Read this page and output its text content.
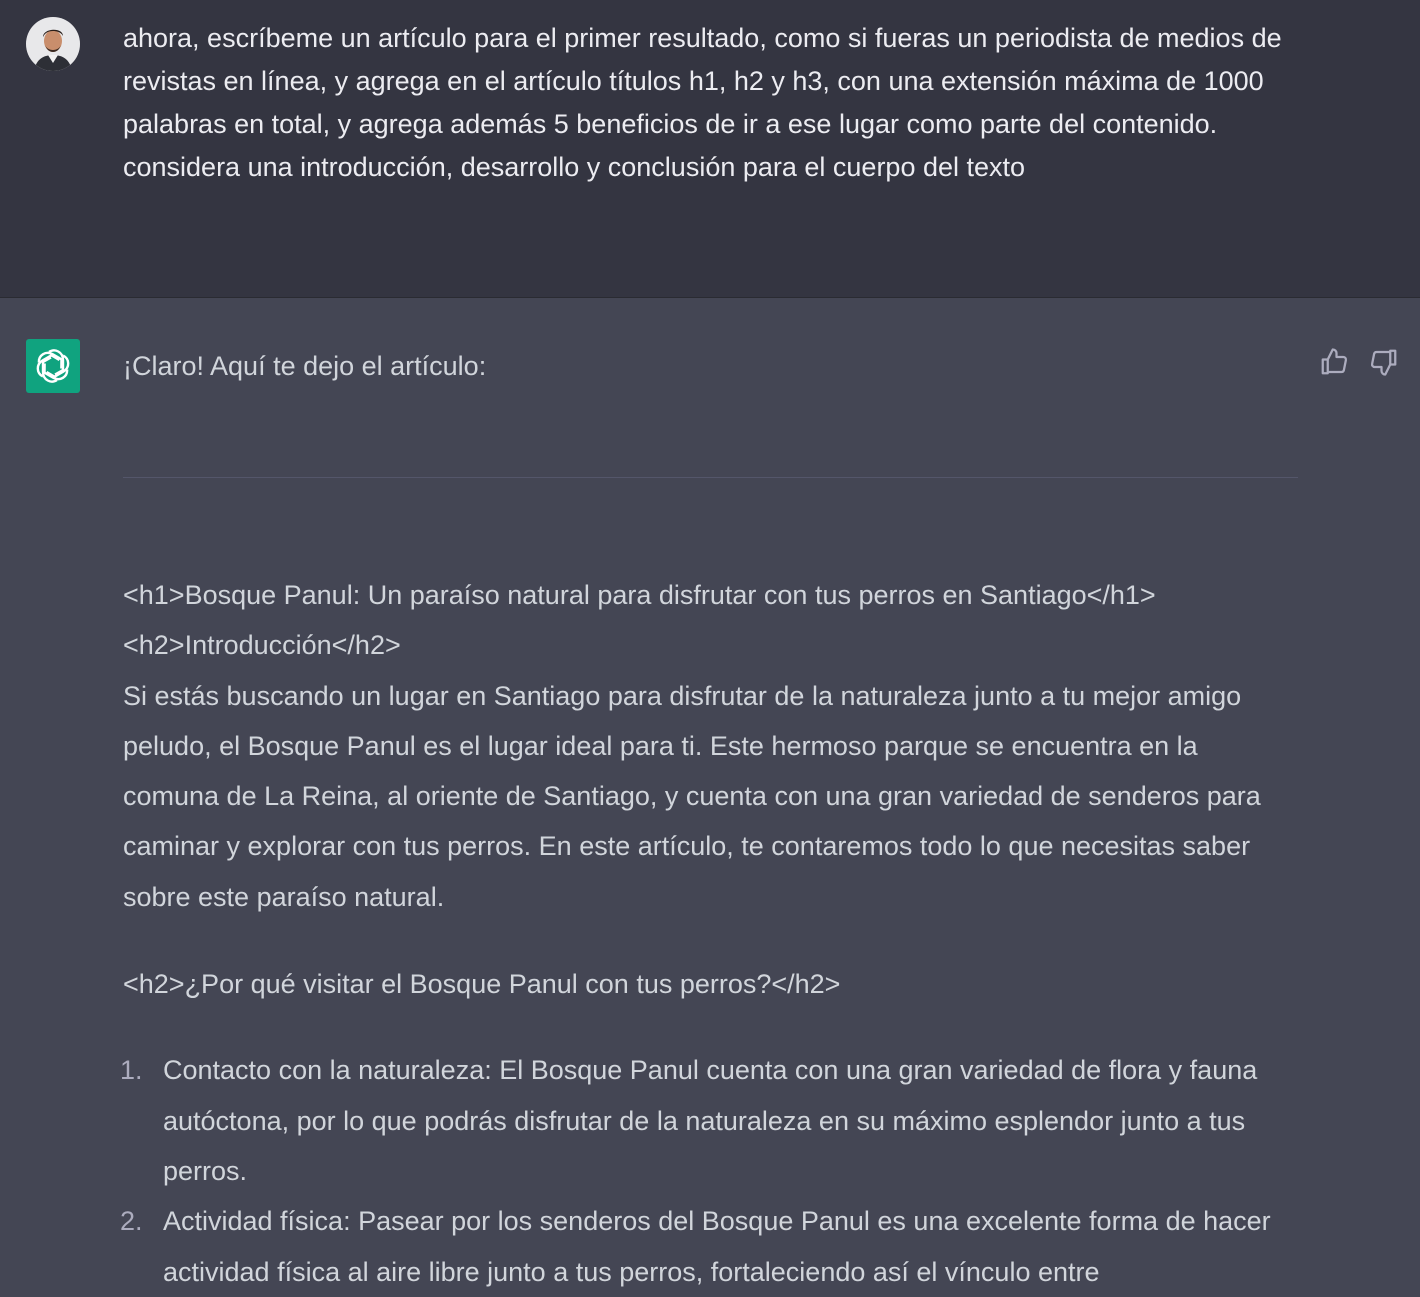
ahora, escríbeme un artículo para el primer resultado, como si fueras un periodista de medios de revistas en línea, y agrega en el artículo títulos h1, h2 y h3, con una extensión máxima de 1000 palabras en total, y agrega además 5 beneficios de ir a ese lugar como parte del contenido. considera una introducción, desarrollo y conclusión para el cuerpo del texto
¡Claro! Aquí te dejo el artículo:

<h1>Bosque Panul: Un paraíso natural para disfrutar con tus perros en Santiago</h1>

<h2>Introducción</h2>

Si estás buscando un lugar en Santiago para disfrutar de la naturaleza junto a tu mejor amigo peludo, el Bosque Panul es el lugar ideal para ti. Este hermoso parque se encuentra en la comuna de La Reina, al oriente de Santiago, y cuenta con una gran variedad de senderos para caminar y explorar con tus perros. En este artículo, te contaremos todo lo que necesitas saber sobre este paraíso natural.

<h2>¿Por qué visitar el Bosque Panul con tus perros?</h2>

1. Contacto con la naturaleza: El Bosque Panul cuenta con una gran variedad de flora y fauna autóctona, por lo que podrás disfrutar de la naturaleza en su máximo esplendor junto a tus perros.
2. Actividad física: Pasear por los senderos del Bosque Panul es una excelente forma de hacer actividad física al aire libre junto a tus perros, fortaleciendo así el vínculo entre
